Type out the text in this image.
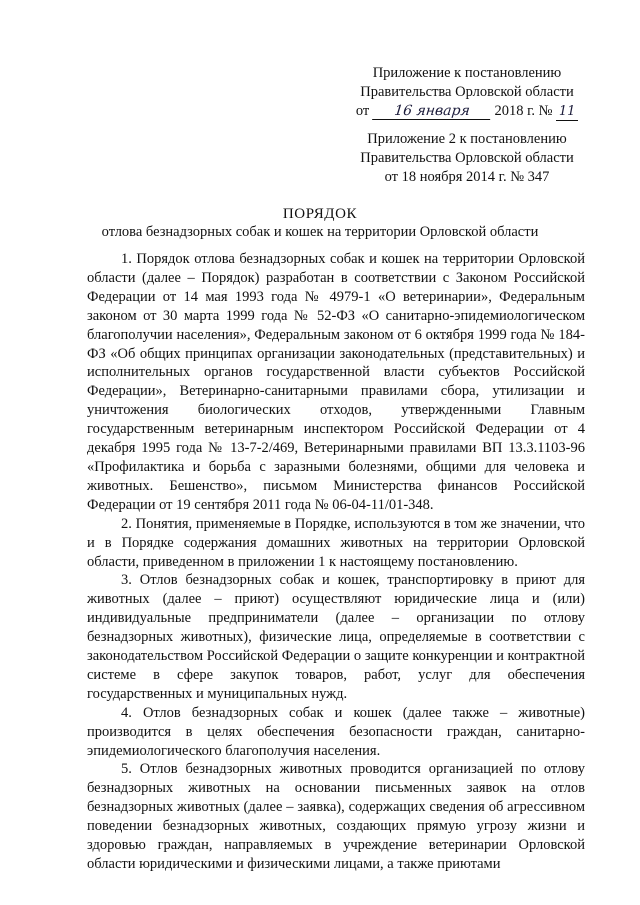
Приложение к постановлению
Правительства Орловской области
от 16 января 2018 г. № 11
Приложение 2 к постановлению
Правительства Орловской области
от 18 ноября 2014 г. № 347
ПОРЯДОК
отлова безнадзорных собак и кошек на территории Орловской области

1. Порядок отлова безнадзорных собак и кошек на территории Орловской области (далее – Порядок) разработан в соответствии с Законом Российской Федерации от 14 мая 1993 года № 4979-1 «О ветеринарии», Федеральным законом от 30 марта 1999 года № 52-ФЗ «О санитарно-эпидемиологическом благополучии населения», Федеральным законом от 6 октября 1999 года № 184-ФЗ «Об общих принципах организации законодательных (представительных) и исполнительных органов государственной власти субъектов Российской Федерации», Ветеринарно-санитарными правилами сбора, утилизации и уничтожения биологических отходов, утвержденными Главным государственным ветеринарным инспектором Российской Федерации от 4 декабря 1995 года № 13-7-2/469, Ветеринарными правилами ВП 13.3.1103-96 «Профилактика и борьба с заразными болезнями, общими для человека и животных. Бешенство», письмом Министерства финансов Российской Федерации от 19 сентября 2011 года № 06-04-11/01-348.

2. Понятия, применяемые в Порядке, используются в том же значении, что и в Порядке содержания домашних животных на территории Орловской области, приведенном в приложении 1 к настоящему постановлению.

3. Отлов безнадзорных собак и кошек, транспортировку в приют для животных (далее – приют) осуществляют юридические лица и (или) индивидуальные предприниматели (далее – организации по отлову безнадзорных животных), физические лица, определяемые в соответствии с законодательством Российской Федерации о защите конкуренции и контрактной системе в сфере закупок товаров, работ, услуг для обеспечения государственных и муниципальных нужд.

4. Отлов безнадзорных собак и кошек (далее также – животные) производится в целях обеспечения безопасности граждан, санитарно-эпидемиологического благополучия населения.

5. Отлов безнадзорных животных проводится организацией по отлову безнадзорных животных на основании письменных заявок на отлов безнадзорных животных (далее – заявка), содержащих сведения об агрессивном поведении безнадзорных животных, создающих прямую угрозу жизни и здоровью граждан, направляемых в учреждение ветеринарии Орловской области юридическими и физическими лицами, а также приютами
